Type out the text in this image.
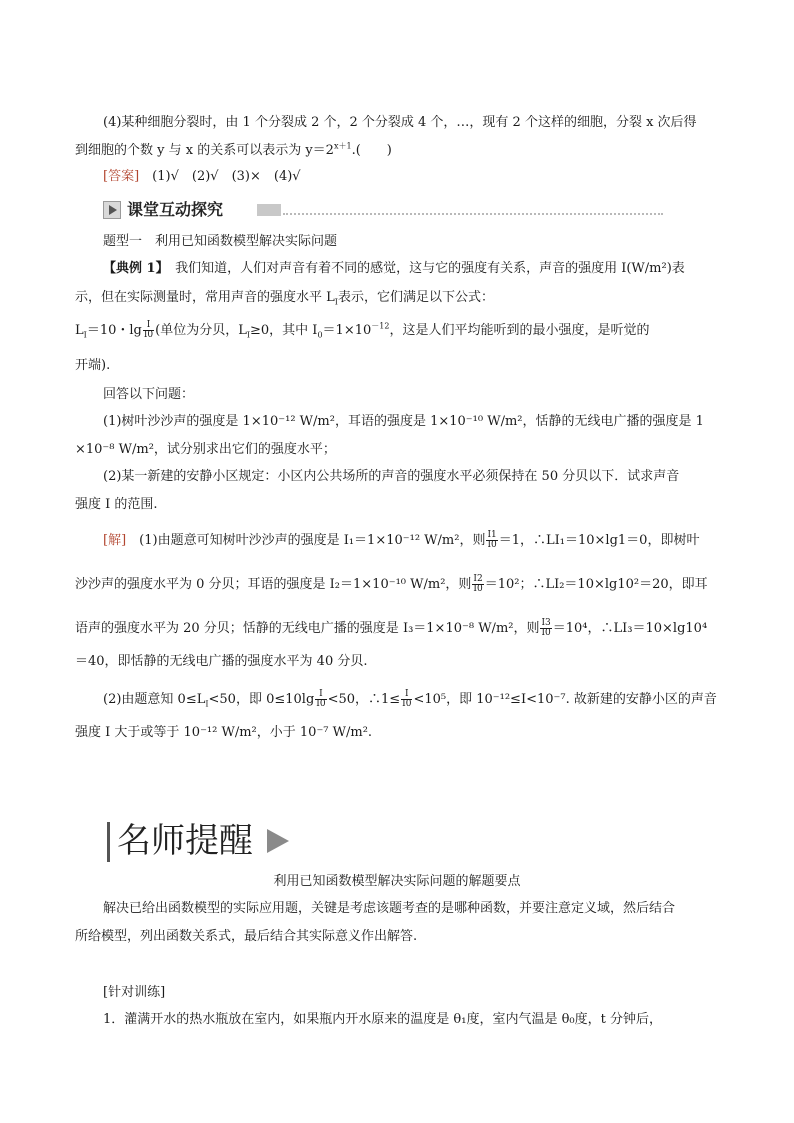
(4)某种细胞分裂时，由 1 个分裂成 2 个，2 个分裂成 4 个，…，现有 2 个这样的细胞，分裂 x 次后得
到细胞的个数 y 与 x 的关系可以表示为 $y=2^{x+1}$.(　　)
[答案]　 (1)√　(2)√　(3)×　(4)√
课堂互动探究
题型一　利用已知函数模型解决实际问题
【典例 1】　我们知道，人们对声音有着不同的感觉，这与它的强度有关系，声音的强度用 I(W/m²)表
示，但在实际测量时，常用声音的强度水平 $L_I$表示，它们满足以下公式：
$L_I=10$・$\lg \frac{I}{I0}$ (单位为分贝，$L_I\ge 0$，其中 $I_0=1\times 10^{-12}$，这是人们平均能听到的最小强度，是听觉的
开端).
回答以下问题：
(1)树叶沙沙声的强度是 1×10⁻¹² W/m²，耳语的强度是 1×10⁻¹⁰ W/m²，恬静的无线电广播的强度是 1
×10⁻⁸ W/m²，试分别求出它们的强度水平；
(2)某一新建的安静小区规定：小区内公共场所的声音的强度水平必须保持在 50 分贝以下．试求声音
强度 I 的范围.
[解]　(1)由题意可知树叶沙沙声的强度是 I₁＝1×10⁻¹² W/m²，则 $\frac{I1}{I0} =1$，∴LI₁＝10×lg1＝0，即树叶
沙沙声的强度水平为 0 分贝；耳语的强度是 I₂＝1×10⁻¹⁰ W/m²，则 $\frac{I2}{I0} =10^2$；∴LI₂＝10×lg10²＝20，即耳
语声的强度水平为 20 分贝；恬静的无线电广播的强度是 I₃＝1×10⁻⁸ W/m²，则 $\frac{I3}{I0} =10^4$，∴LI₃＝10×lg10⁴
＝40，即恬静的无线电广播的强度水平为 40 分贝.
(2)由题意知 $0\le L_I<50$，即 $0\le 10\lg \frac{I}{I0} <50$，∴1≤ $\frac{I}{I0} <10^5$，即 10⁻¹²≤I<10⁻⁷. 故新建的安静小区的声音
强度 I 大于或等于 10⁻¹² W/m²，小于 10⁻⁷ W/m².
名师提醒
利用已知函数模型解决实际问题的解题要点
解决已给出函数模型的实际应用题，关键是考虑该题考查的是哪种函数，并要注意定义域，然后结合
所给模型，列出函数关系式，最后结合其实际意义作出解答.
[针对训练]
1．灌满开水的热水瓶放在室内，如果瓶内开水原来的温度是 θ₁度，室内气温是 θ₀度，t 分钟后，
